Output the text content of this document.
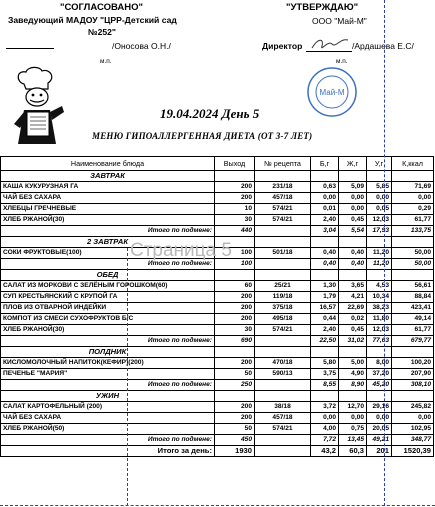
"СОГЛАСОВАНО"
Заведующий МАДОУ "ЦРР-Детский сад
№252"
/Оносова О.Н./
м.п.
"УТВЕРЖДАЮ"
ООО "Май-М"
Директор	/Ардашева Е.С/
м.п.
Май-М
19.04.2024 День 5
МЕНЮ ГИПОАЛЛЕРГЕННАЯ ДИЕТА (ОТ 3-7 ЛЕТ)
Наименование блюда	Выход	№ рецепта	Б,г	Ж,г	У,г	К,ккал
ЗАВТРАК						
КАША КУКУРУЗНАЯ ГА	200	231/18	0,63	5,09	5,85	71,69
ЧАЙ БЕЗ САХАРА	200	457/18	0,00	0,00	0,00	0,00
ХЛЕБЦЫ ГРЕЧНЕВЫЕ	10	574/21	0,01	0,00	0,05	0,29
ХЛЕБ РЖАНОЙ(30)	30	574/21	2,40	0,45	12,03	61,77
Итого по подмене:	440		3,04	5,54	17,93	133,75
2 ЗАВТРАК						
СОКИ ФРУКТОВЫЕ(100)	100	501/18	0,40	0,40	11,20	50,00
Итого по подмене:	100		0,40	0,40	11,20	50,00
ОБЕД						
САЛАТ ИЗ МОРКОВИ С ЗЕЛЁНЫМ ГОРОШКОМ(60)	60	25/21	1,30	3,65	4,53	56,61
СУП КРЕСТЬЯНСКИЙ С КРУПОЙ ГА	200	119/18	1,79	4,21	10,34	88,84
ПЛОВ ИЗ ОТВАРНОЙ ИНДЕЙКИ	200	375/18	16,57	22,69	38,23	423,41
КОМПОТ ИЗ СМЕСИ СУХОФРУКТОВ Б/С	200	495/18	0,44	0,02	11,80	49,14
ХЛЕБ РЖАНОЙ(30)	30	574/21	2,40	0,45	12,03	61,77
Итого по подмене:	690		22,50	31,02	77,63	679,77
ПОЛДНИК						
КИСЛОМОЛОЧНЫЙ НАПИТОК(КЕФИР)(200)	200	470/18	5,80	5,00	8,00	100,20
ПЕЧЕНЬЕ "МАРИЯ"	50	590/13	3,75	4,90	37,20	207,90
Итого по подмене:	250		8,55	8,90	45,20	308,10
УЖИН						
САЛАТ КАРТОФЕЛЬНЫЙ (200)	200	38/18	3,72	12,70	29,16	245,82
ЧАЙ БЕЗ САХАРА	200	457/18	0,00	0,00	0,00	0,00
ХЛЕБ РЖАНОЙ(50)	50	574/21	4,00	0,75	20,05	102,95
Итого по подмене:	450		7,72	13,45	49,21	348,77
Итого за день:	1930		43,2	60,3	201	1520,39
Страница 5
